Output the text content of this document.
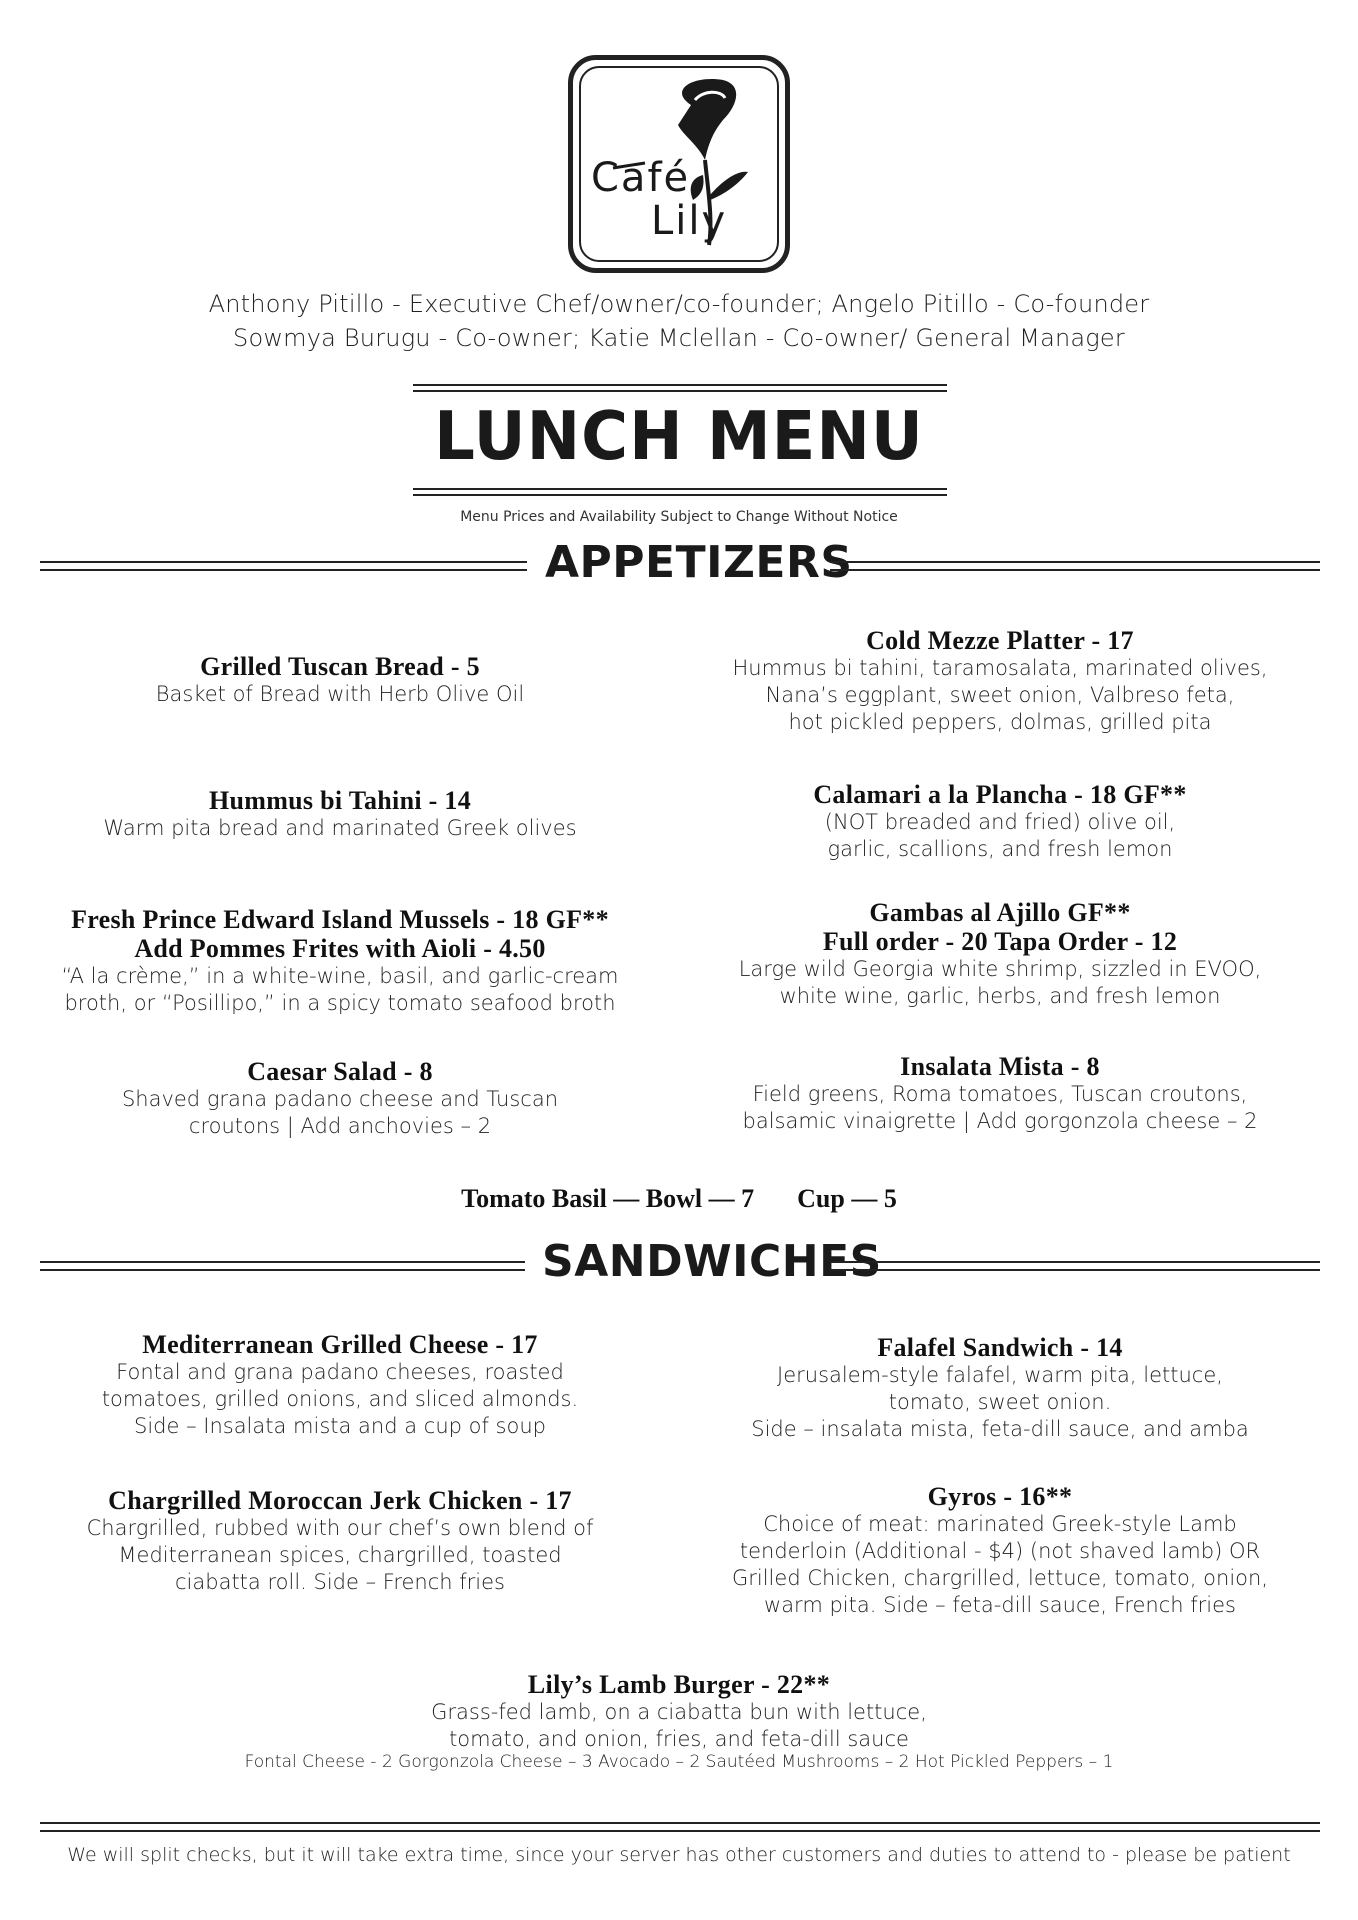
Café
Lily
Anthony Pitillo - Executive Chef/owner/co-founder; Angelo Pitillo - Co-founder
Sowmya Burugu - Co-owner; Katie Mclellan - Co-owner/ General Manager
LUNCH MENU
Menu Prices and Availability Subject to Change Without Notice
APPETIZERS
Grilled Tuscan Bread - 5
Basket of Bread with Herb Olive Oil
Hummus bi Tahini - 14
Warm pita bread and marinated Greek olives
Fresh Prince Edward Island Mussels - 18 GF**
Add Pommes Frites with Aioli - 4.50
“A la crème,” in a white-wine, basil, and garlic-cream
broth, or “Posillipo,” in a spicy tomato seafood broth
Caesar Salad - 8
Shaved grana padano cheese and Tuscan
croutons | Add anchovies – 2
Cold Mezze Platter - 17
Hummus bi tahini, taramosalata, marinated olives,
Nana’s eggplant, sweet onion, Valbreso feta,
hot pickled peppers, dolmas, grilled pita
Calamari a la Plancha - 18 GF**
(NOT breaded and fried) olive oil,
garlic, scallions, and fresh lemon
Gambas al Ajillo GF**
Full order - 20 Tapa Order - 12
Large wild Georgia white shrimp, sizzled in EVOO,
white wine, garlic, herbs, and fresh lemon
Insalata Mista - 8
Field greens, Roma tomatoes, Tuscan croutons,
balsamic vinaigrette | Add gorgonzola cheese – 2
Tomato Basil — Bowl — 7 Cup — 5
SANDWICHES
Mediterranean Grilled Cheese - 17
Fontal and grana padano cheeses, roasted
tomatoes, grilled onions, and sliced almonds.
Side – Insalata mista and a cup of soup
Chargrilled Moroccan Jerk Chicken - 17
Chargrilled, rubbed with our chef’s own blend of
Mediterranean spices, chargrilled, toasted
ciabatta roll. Side – French fries
Falafel Sandwich - 14
Jerusalem-style falafel, warm pita, lettuce,
tomato, sweet onion.
Side – insalata mista, feta-dill sauce, and amba
Gyros - 16**
Choice of meat: marinated Greek-style Lamb
tenderloin (Additional - $4) (not shaved lamb) OR
Grilled Chicken, chargrilled, lettuce, tomato, onion,
warm pita. Side – feta-dill sauce, French fries
Lily’s Lamb Burger - 22**
Grass-fed lamb, on a ciabatta bun with lettuce,
tomato, and onion, fries, and feta-dill sauce
Fontal Cheese - 2 Gorgonzola Cheese – 3 Avocado – 2 Sautéed Mushrooms – 2 Hot Pickled Peppers – 1
We will split checks, but it will take extra time, since your server has other customers and duties to attend to - please be patient
